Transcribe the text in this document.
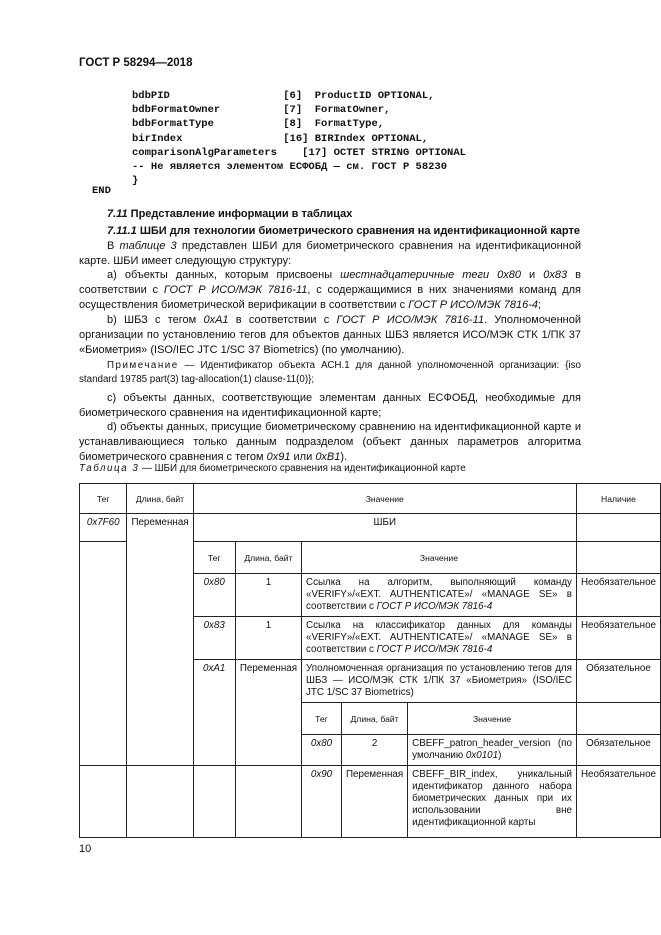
ГОСТ Р 58294—2018

bdbPID                  [6]  ProductID OPTIONAL,

bdbFormatOwner          [7]  FormatOwner,

bdbFormatType           [8]  FormatType,

birIndex                [16] BIRIndex OPTIONAL,

comparisonAlgParameters    [17] OCTET STRING OPTIONAL

-- Не является элементом ЕСФОБД — см. ГОСТ Р 58230

}

END
7.11 Представление информации в таблицах
7.11.1 ШБИ для технологии биометрического сравнения на идентификационной карте
В таблице 3 представлен ШБИ для биометрического сравнения на идентификационной карте. ШБИ имеет следующую структуру:
а) объекты данных, которым присвоены шестнадцатеричные теги 0x80 и 0x83 в соответствии с ГОСТ Р ИСО/МЭК 7816-11, с содержащимися в них значениями команд для осуществления биометрической верификации в соответствии с ГОСТ Р ИСО/МЭК 7816-4;
b) ШБЗ с тегом 0xA1 в соответствии с ГОСТ Р ИСО/МЭК 7816-11. Уполномоченной организации по установлению тегов для объектов данных ШБЗ является ИСО/МЭК СТК 1/ПК 37 «Биометрия» (ISO/IEC JTC 1/SC 37 Biometrics) (по умолчанию).
Примечание — Идентификатор объекта АСН.1 для данной уполномоченной организации: {iso standard 19785 part(3) tag-allocation(1) clause-11(0)};
с) объекты данных, соответствующие элементам данных ЕСФОБД, необходимые для биометрического сравнения на идентификационной карте;
d) объекты данных, присущие биометрическому сравнению на идентификационной карте и устанавливающиеся только данным подразделом (объект данных параметров алгоритма биометрического сравнения с тегом 0x91 или 0xB1).
Таблица 3 — ШБИ для биометрического сравнения на идентификационной карте
Тег	Длина, байт	Значение					Наличие
0x7F60	Переменная	ШБИ					
		Тег	Длина, байт	Значение			
		0x80	1	Ссылка на алгоритм, выполняющий команду «VERIFY»/«EXT. AUTHENTICATE»/ «MANAGE SE» в соответствии с ГОСТ Р ИСО/МЭК 7816-4			Необязательное
		0x83	1	Ссылка на классификатор данных для команды «VERIFY»/«EXT. AUTHENTICATE»/ «MANAGE SE» в соответствии с ГОСТ Р ИСО/МЭК 7816-4			Необязательное
		0xA1	Переменная	Уполномоченная организация по установлению тегов для ШБЗ — ИСО/МЭК СТК 1/ПК 37 «Биометрия» (ISO/IEC JTC 1/SC 37 Biometrics)			Обязательное
				Тег	Длина, байт	Значение	
				0x80	2	CBEFF_patron_header_version (по умолчанию 0x0101)	Обязательное
				0x90	Переменная	CBEFF_BIR_index, уникальный идентификатор данного набора биометрических данных при их использовании вне идентификационной карты	Необязательное
10
